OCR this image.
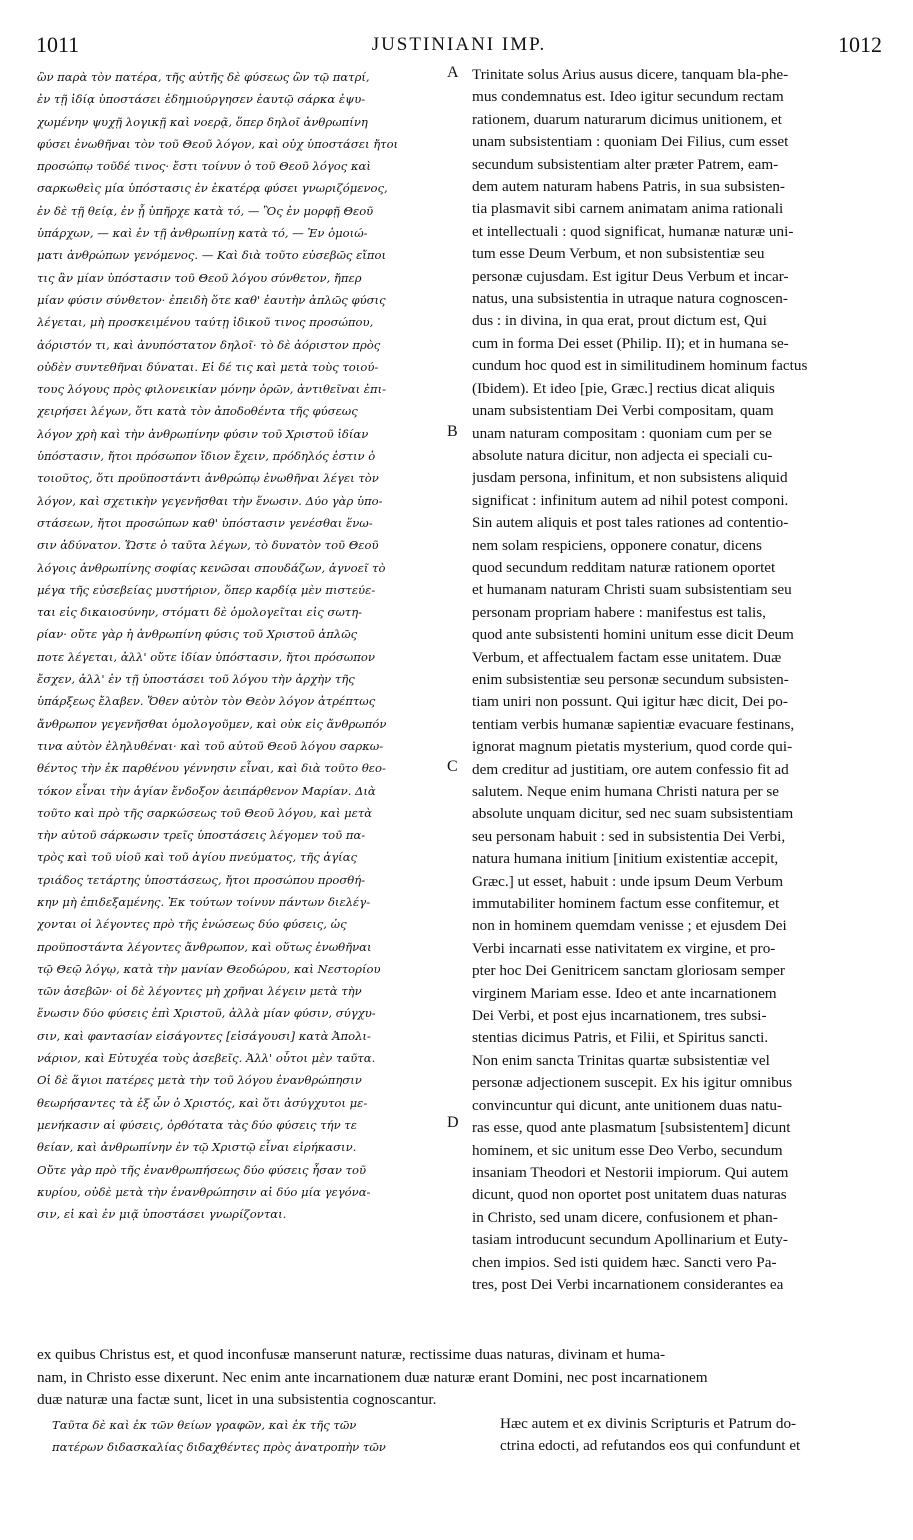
1011	JUSTINIANI IMP.	1012
ὢν παρὰ τὸν πατέρα, τῆς αὐτῆς δὲ φύσεως ὢν τῷ πατρί,
ἐν τῇ ἰδίᾳ ὑποστάσει ἐδημιούργησεν ἑαυτῷ σάρκα ἐψυ-
χωμένην ψυχῇ λογικῇ καὶ νοερᾷ, ὅπερ δηλοῖ ἀνθρωπίνη
φύσει ἑνωθῆναι τὸν τοῦ Θεοῦ λόγον, καὶ οὐχ ὑποστάσει ἤτοι
προσώπῳ τοῦδέ τινος· ἔστι τοίνυν ὁ τοῦ Θεοῦ λόγος καὶ
σαρκωθεὶς μία ὑπόστασις ἐν ἑκατέρᾳ φύσει γνωριζόμενος,
ἐν δὲ τῇ θείᾳ, ἐν ᾗ ὑπῆρχε κατὰ τό, — Ὃς ἐν μορφῇ Θεοῦ
ὑπάρχων, — καὶ ἐν τῇ ἀνθρωπίνῃ κατὰ τό, — Ἐν ὁμοιώ-
ματι ἀνθρώπων γενόμενος. — Καὶ διὰ τοῦτο εὐσεβῶς εἴποι
τις ἂν μίαν ὑπόστασιν τοῦ Θεοῦ λόγου σύνθετον, ἤπερ
μίαν φύσιν σύνθετον· ἐπειδὴ ὅτε καθ' ἑαυτὴν ἁπλῶς φύσις
λέγεται, μὴ προσκειμένου ταύτῃ ἰδικοῦ τινος προσώπου,
ἀόριστόν τι, καὶ ἀνυπόστατον δηλοῖ· τὸ δὲ ἀόριστον πρὸς
οὐδὲν συντεθῆναι δύναται. Εἰ δέ τις καὶ μετὰ τοὺς τοιού-
τους λόγους πρὸς φιλονεικίαν μόνην ὁρῶν, ἀντιθεῖναι ἐπι-
χειρήσει λέγων, ὅτι κατὰ τὸν ἀποδοθέντα τῆς φύσεως
λόγον χρὴ καὶ τὴν ἀνθρωπίνην φύσιν τοῦ Χριστοῦ ἰδίαν
ὑπόστασιν, ἤτοι πρόσωπον ἴδιον ἔχειν, πρόδηλός ἐστιν ὁ
τοιοῦτος, ὅτι προϋποστάντι ἀνθρώπῳ ἑνωθῆναι λέγει τὸν
λόγον, καὶ σχετικὴν γεγενῆσθαι τὴν ἕνωσιν. Δύο γὰρ ὑπο-
στάσεων, ἤτοι προσώπων καθ' ὑπόστασιν γενέσθαι ἕνω-
σιν ἀδύνατον. Ὥστε ὁ ταῦτα λέγων, τὸ δυνατὸν τοῦ Θεοῦ
λόγοις ἀνθρωπίνης σοφίας κενῶσαι σπουδάζων, ἀγνοεῖ τὸ
μέγα τῆς εὐσεβείας μυστήριον, ὅπερ καρδίᾳ μὲν πιστεύε-
ται εἰς δικαιοσύνην, στόματι δὲ ὁμολογεῖται εἰς σωτη-
ρίαν· οὔτε γὰρ ἡ ἀνθρωπίνη φύσις τοῦ Χριστοῦ ἁπλῶς
ποτε λέγεται, ἀλλ' οὔτε ἰδίαν ὑπόστασιν, ἤτοι πρόσωπον
ἔσχεν, ἀλλ' ἐν τῇ ὑποστάσει τοῦ λόγου τὴν ἀρχὴν τῆς
ὑπάρξεως ἔλαβεν. Ὅθεν αὐτὸν τὸν Θεὸν λόγον ἀτρέπτως
ἄνθρωπον γεγενῆσθαι ὁμολογοῦμεν, καὶ οὐκ εἰς ἄνθρωπόν
τινα αὐτὸν ἐληλυθέναι· καὶ τοῦ αὐτοῦ Θεοῦ λόγου σαρκω-
θέντος τὴν ἐκ παρθένου γέννησιν εἶναι, καὶ διὰ τοῦτο θεο-
τόκον εἶναι τὴν ἁγίαν ἔνδοξον ἀειπάρθενον Μαρίαν. Διὰ
τοῦτο καὶ πρὸ τῆς σαρκώσεως τοῦ Θεοῦ λόγου, καὶ μετὰ
τὴν αὐτοῦ σάρκωσιν τρεῖς ὑποστάσεις λέγομεν τοῦ πα-
τρὸς καὶ τοῦ υἱοῦ καὶ τοῦ ἁγίου πνεύματος, τῆς ἁγίας
τριάδος τετάρτης ὑποστάσεως, ἤτοι προσώπου προσθή-
κην μὴ ἐπιδεξαμένης. Ἐκ τούτων τοίνυν πάντων διελέγ-
χονται οἱ λέγοντες πρὸ τῆς ἑνώσεως δύο φύσεις, ὡς
προϋποστάντα λέγοντες ἄνθρωπον, καὶ οὕτως ἑνωθῆναι
τῷ Θεῷ λόγῳ, κατὰ τὴν μανίαν Θεοδώρου, καὶ Νεστορίου
τῶν ἀσεβῶν· οἱ δὲ λέγοντες μὴ χρῆναι λέγειν μετὰ τὴν
ἕνωσιν δύο φύσεις ἐπὶ Χριστοῦ, ἀλλὰ μίαν φύσιν, σύγχυ-
σιν, καὶ φαντασίαν εἰσάγοντες [εἰσάγουσι] κατὰ Ἀπολι-
νάριον, καὶ Εὐτυχέα τοὺς ἀσεβεῖς. Ἀλλ' οὗτοι μὲν ταῦτα.
Οἱ δὲ ἅγιοι πατέρες μετὰ τὴν τοῦ λόγου ἐνανθρώπησιν
θεωρήσαντες τὰ ἐξ ὧν ὁ Χριστός, καὶ ὅτι ἀσύγχυτοι με-
μενήκασιν αἱ φύσεις, ὀρθότατα τὰς δύο φύσεις τήν τε
θείαν, καὶ ἀνθρωπίνην ἐν τῷ Χριστῷ εἶναι εἰρήκασιν.
Οὔτε γὰρ πρὸ τῆς ἐνανθρωπήσεως δύο φύσεις ἦσαν τοῦ
κυρίου, οὐδὲ μετὰ τὴν ἐνανθρώπησιν αἱ δύο μία γεγόνα-
σιν, εἰ καὶ ἐν μιᾷ ὑποστάσει γνωρίζονται.
A
B
C
D
Trinitate solus Arius ausus dicere, tanquam bla-phe-
mus condemnatus est. Ideo igitur secundum rectam
rationem, duarum naturarum dicimus unitionem, et
unam subsistentiam : quoniam Dei Filius, cum esset
secundum subsistentiam alter præter Patrem, eam-
dem autem naturam habens Patris, in sua subsisten-
tia plasmavit sibi carnem animatam anima rationali
et intellectuali : quod significat, humanæ naturæ uni-
tum esse Deum Verbum, et non subsistentiæ seu
personæ cujusdam. Est igitur Deus Verbum et incar-
natus, una subsistentia in utraque natura cognoscen-
dus : in divina, in qua erat, prout dictum est, Qui
cum in forma Dei esset (Philip. II); et in humana se-
cundum hoc quod est in similitudinem hominum factus
(Ibidem). Et ideo [pie, Græc.] rectius dicat aliquis
unam subsistentiam Dei Verbi compositam, quam
unam naturam compositam : quoniam cum per se
absolute natura dicitur, non adjecta ei speciali cu-
jusdam persona, infinitum, et non subsistens aliquid
significat : infinitum autem ad nihil potest componi.
Sin autem aliquis et post tales rationes ad contentio-
nem solam respiciens, opponere conatur, dicens
quod secundum redditam naturæ rationem oportet
et humanam naturam Christi suam subsistentiam seu
personam propriam habere : manifestus est talis,
quod ante subsistenti homini unitum esse dicit Deum
Verbum, et affectualem factam esse unitatem. Duæ
enim subsistentiæ seu personæ secundum subsisten-
tiam uniri non possunt. Qui igitur hæc dicit, Dei po-
tentiam verbis humanæ sapientiæ evacuare festinans,
ignorat magnum pietatis mysterium, quod corde qui-
dem creditur ad justitiam, ore autem confessio fit ad
salutem. Neque enim humana Christi natura per se
absolute unquam dicitur, sed nec suam subsistentiam
seu personam habuit : sed in subsistentia Dei Verbi,
natura humana initium [initium existentiæ accepit,
Græc.] ut esset, habuit : unde ipsum Deum Verbum
immutabiliter hominem factum esse confitemur, et
non in hominem quemdam venisse ; et ejusdem Dei
Verbi incarnati esse nativitatem ex virgine, et pro-
pter hoc Dei Genitricem sanctam gloriosam semper
virginem Mariam esse. Ideo et ante incarnationem
Dei Verbi, et post ejus incarnationem, tres subsi-
stentias dicimus Patris, et Filii, et Spiritus sancti.
Non enim sancta Trinitas quartæ subsistentiæ vel
personæ adjectionem suscepit. Ex his igitur omnibus
convincuntur qui dicunt, ante unitionem duas natu-
ras esse, quod ante plasmatum [subsistentem] dicunt
hominem, et sic unitum esse Deo Verbo, secundum
insaniam Theodori et Nestorii impiorum. Qui autem
dicunt, quod non oportet post unitatem duas naturas
in Christo, sed unam dicere, confusionem et phan-
tasiam introducunt secundum Apollinarium et Euty-
chen impios. Sed isti quidem hæc. Sancti vero Pa-
tres, post Dei Verbi incarnationem considerantes ea
ex quibus Christus est, et quod inconfusæ manserunt naturæ, rectissime duas naturas, divinam et huma-
nam, in Christo esse dixerunt. Nec enim ante incarnationem duæ naturæ erant Domini, nec post incarnationem
duæ naturæ una factæ sunt, licet in una subsistentia cognoscantur.
Ταῦτα δὲ καὶ ἐκ τῶν θείων γραφῶν, καὶ ἐκ τῆς τῶν
πατέρων διδασκαλίας διδαχθέντες πρὸς ἀνατροπὴν τῶν
Hæc autem et ex divinis Scripturis et Patrum do-
ctrina edocti, ad refutandos eos qui confundunt et
